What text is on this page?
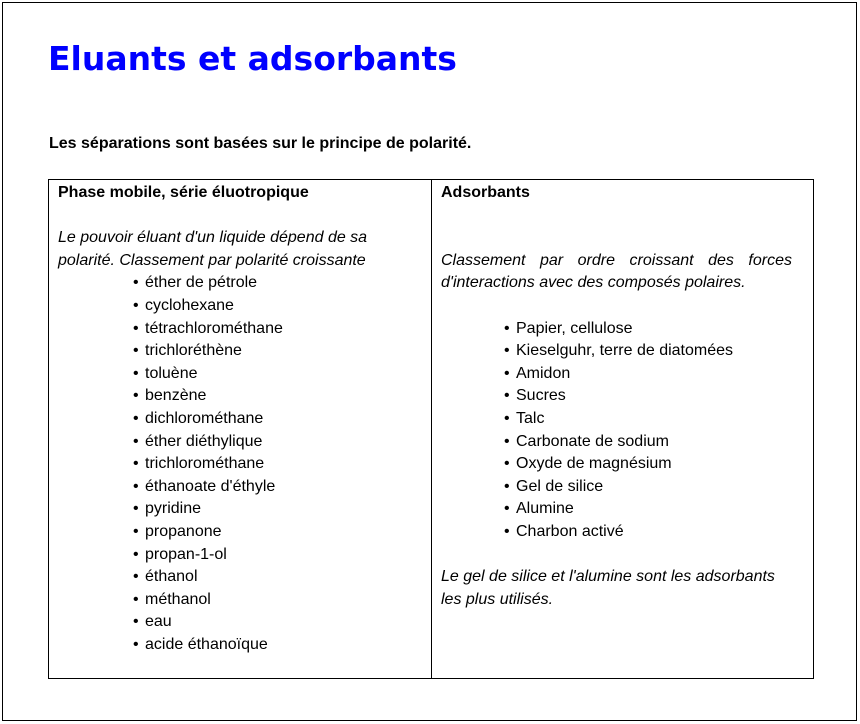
Eluants et adsorbants

Les séparations sont basées sur le principe de polarité.

Phase mobile, série éluotropique
Le pouvoir éluant d'un liquide dépend de sa polarité. Classement par polarité croissante
• éther de pétrole
• cyclohexane
• tétrachlorométhane
• trichloréthène
• toluène
• benzène
• dichlorométhane
• éther diéthylique
• trichlorométhane
• éthanoate d'éthyle
• pyridine
• propanone
• propan-1-ol
• éthanol
• méthanol
• eau
• acide éthanoïque
Adsorbants
Classement par ordre croissant des forces d'interactions avec des composés polaires.
• Papier, cellulose
• Kieselguhr, terre de diatomées
• Amidon
• Sucres
• Talc
• Carbonate de sodium
• Oxyde de magnésium
• Gel de silice
• Alumine
• Charbon activé
Le gel de silice et l'alumine sont les adsorbants les plus utilisés.
